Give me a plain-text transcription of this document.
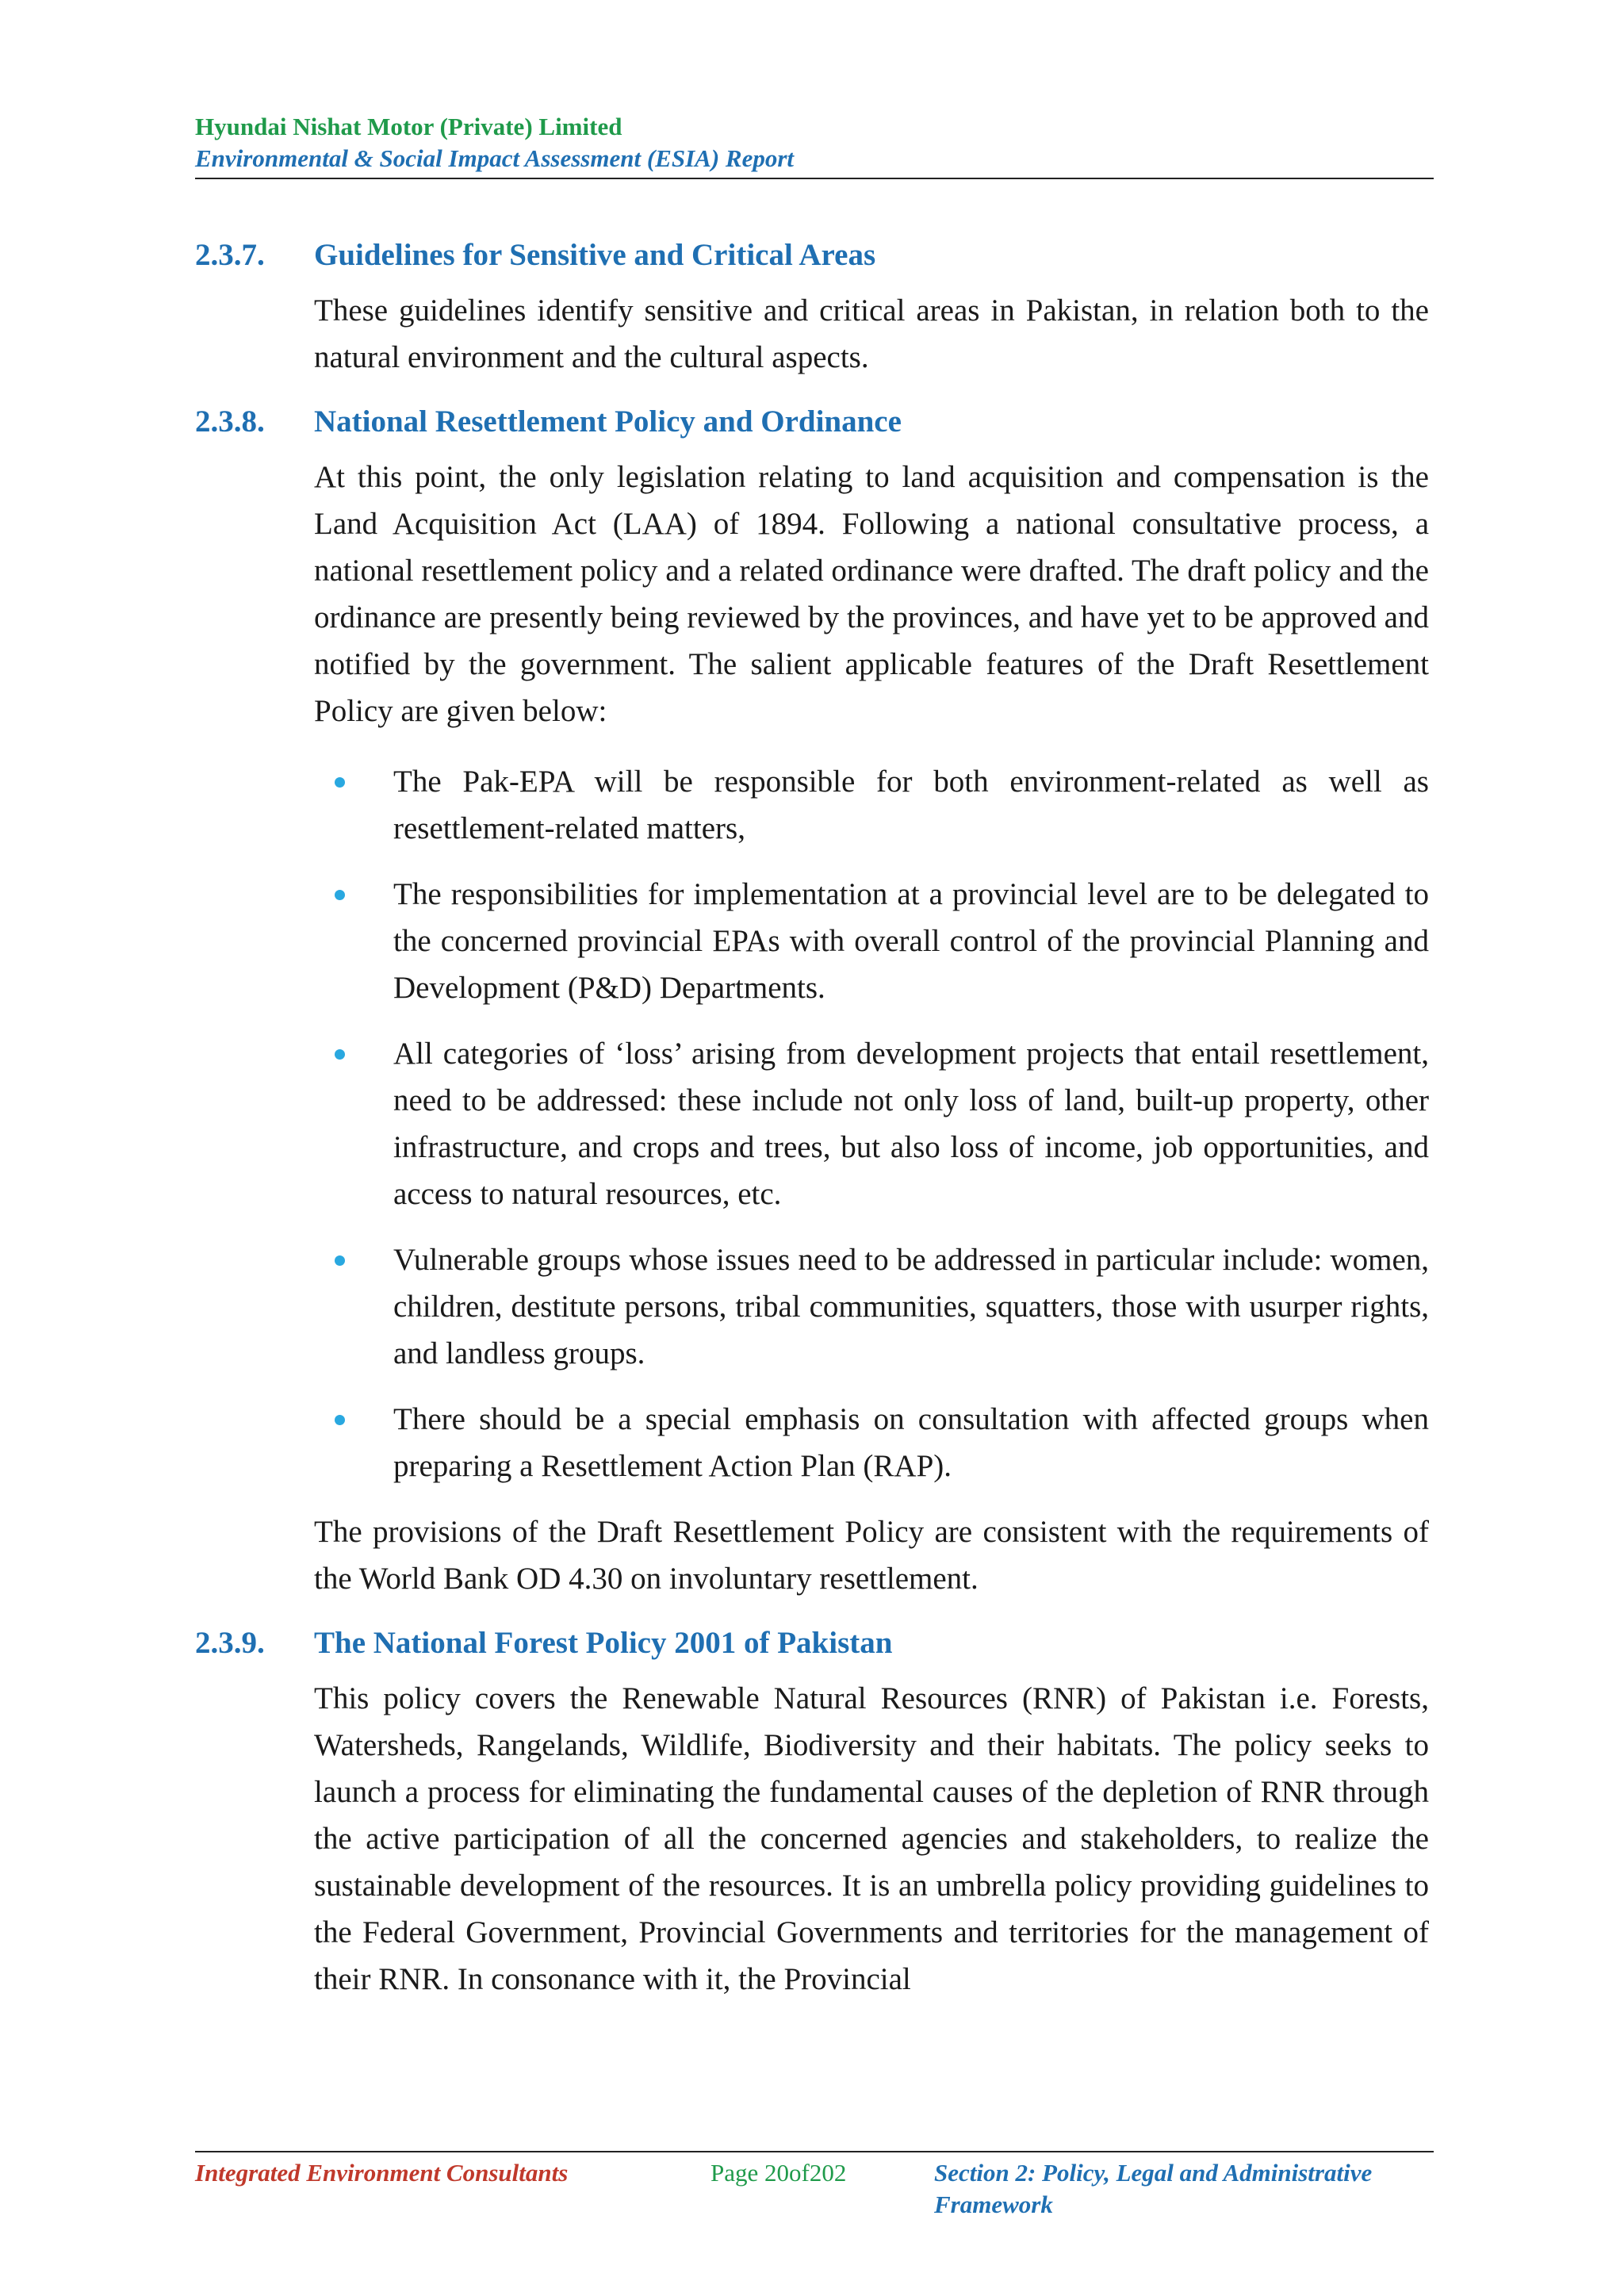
Hyundai Nishat Motor (Private) Limited
Environmental & Social Impact Assessment (ESIA) Report
2.3.7.	Guidelines for Sensitive and Critical Areas

These guidelines identify sensitive and critical areas in Pakistan, in relation both to the natural environment and the cultural aspects.

2.3.8.	National Resettlement Policy and Ordinance

At this point, the only legislation relating to land acquisition and compensation is the Land Acquisition Act (LAA) of 1894. Following a national consultative process, a national resettlement policy and a related ordinance were drafted. The draft policy and the ordinance are presently being reviewed by the provinces, and have yet to be approved and notified by the government. The salient applicable features of the Draft Resettlement Policy are given below:

The Pak-EPA will be responsible for both environment-related as well as resettlement-related matters,
The responsibilities for implementation at a provincial level are to be delegated to the concerned provincial EPAs with overall control of the provincial Planning and Development (P&D) Departments.
All categories of ‘loss’ arising from development projects that entail resettlement, need to be addressed: these include not only loss of land, built-up property, other infrastructure, and crops and trees, but also loss of income, job opportunities, and access to natural resources, etc.
Vulnerable groups whose issues need to be addressed in particular include: women, children, destitute persons, tribal communities, squatters, those with usurper rights, and landless groups.
There should be a special emphasis on consultation with affected groups when preparing a Resettlement Action Plan (RAP).

The provisions of the Draft Resettlement Policy are consistent with the requirements of the World Bank OD 4.30 on involuntary resettlement.

2.3.9.	The National Forest Policy 2001 of Pakistan

This policy covers the Renewable Natural Resources (RNR) of Pakistan i.e. Forests, Watersheds, Rangelands, Wildlife, Biodiversity and their habitats. The policy seeks to launch a process for eliminating the fundamental causes of the depletion of RNR through the active participation of all the concerned agencies and stakeholders, to realize the sustainable development of the resources. It is an umbrella policy providing guidelines to the Federal Government, Provincial Governments and territories for the management of their RNR. In consonance with it, the Provincial

Integrated Environment Consultants	Page 20of202	Section 2: Policy, Legal and Administrative Framework
